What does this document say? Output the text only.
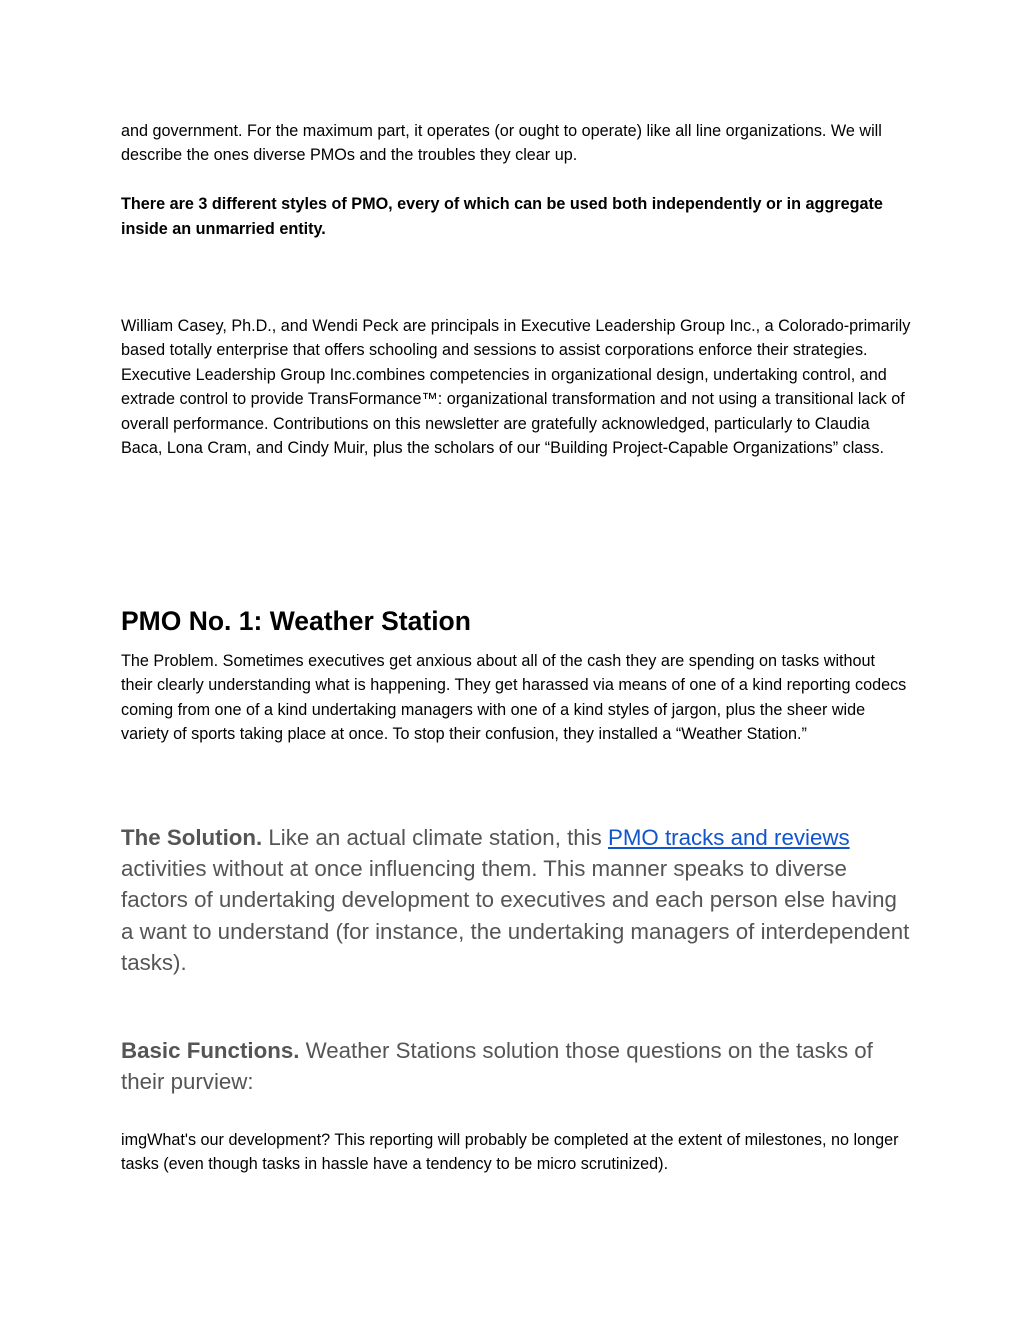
and government. For the maximum part, it operates (or ought to operate) like all line organizations. We will describe the ones diverse PMOs and the troubles they clear up.

There are 3 different styles of PMO, every of which can be used both independently or in aggregate inside an unmarried entity.

William Casey, Ph.D., and Wendi Peck are principals in Executive Leadership Group Inc., a Colorado-primarily based totally enterprise that offers schooling and sessions to assist corporations enforce their strategies. Executive Leadership Group Inc.combines competencies in organizational design, undertaking control, and extrade control to provide TransFormance™: organizational transformation and not using a transitional lack of overall performance. Contributions on this newsletter are gratefully acknowledged, particularly to Claudia Baca, Lona Cram, and Cindy Muir, plus the scholars of our “Building Project-Capable Organizations” class.

PMO No. 1: Weather Station

The Problem. Sometimes executives get anxious about all of the cash they are spending on tasks without their clearly understanding what is happening. They get harassed via means of one of a kind reporting codecs coming from one of a kind undertaking managers with one of a kind styles of jargon, plus the sheer wide variety of sports taking place at once. To stop their confusion, they installed a “Weather Station.”

The Solution. Like an actual climate station, this PMO tracks and reviews activities without at once influencing them. This manner speaks to diverse factors of undertaking development to executives and each person else having a want to understand (for instance, the undertaking managers of interdependent tasks).

Basic Functions. Weather Stations solution those questions on the tasks of their purview:

imgWhat's our development? This reporting will probably be completed at the extent of milestones, no longer tasks (even though tasks in hassle have a tendency to be micro scrutinized).
